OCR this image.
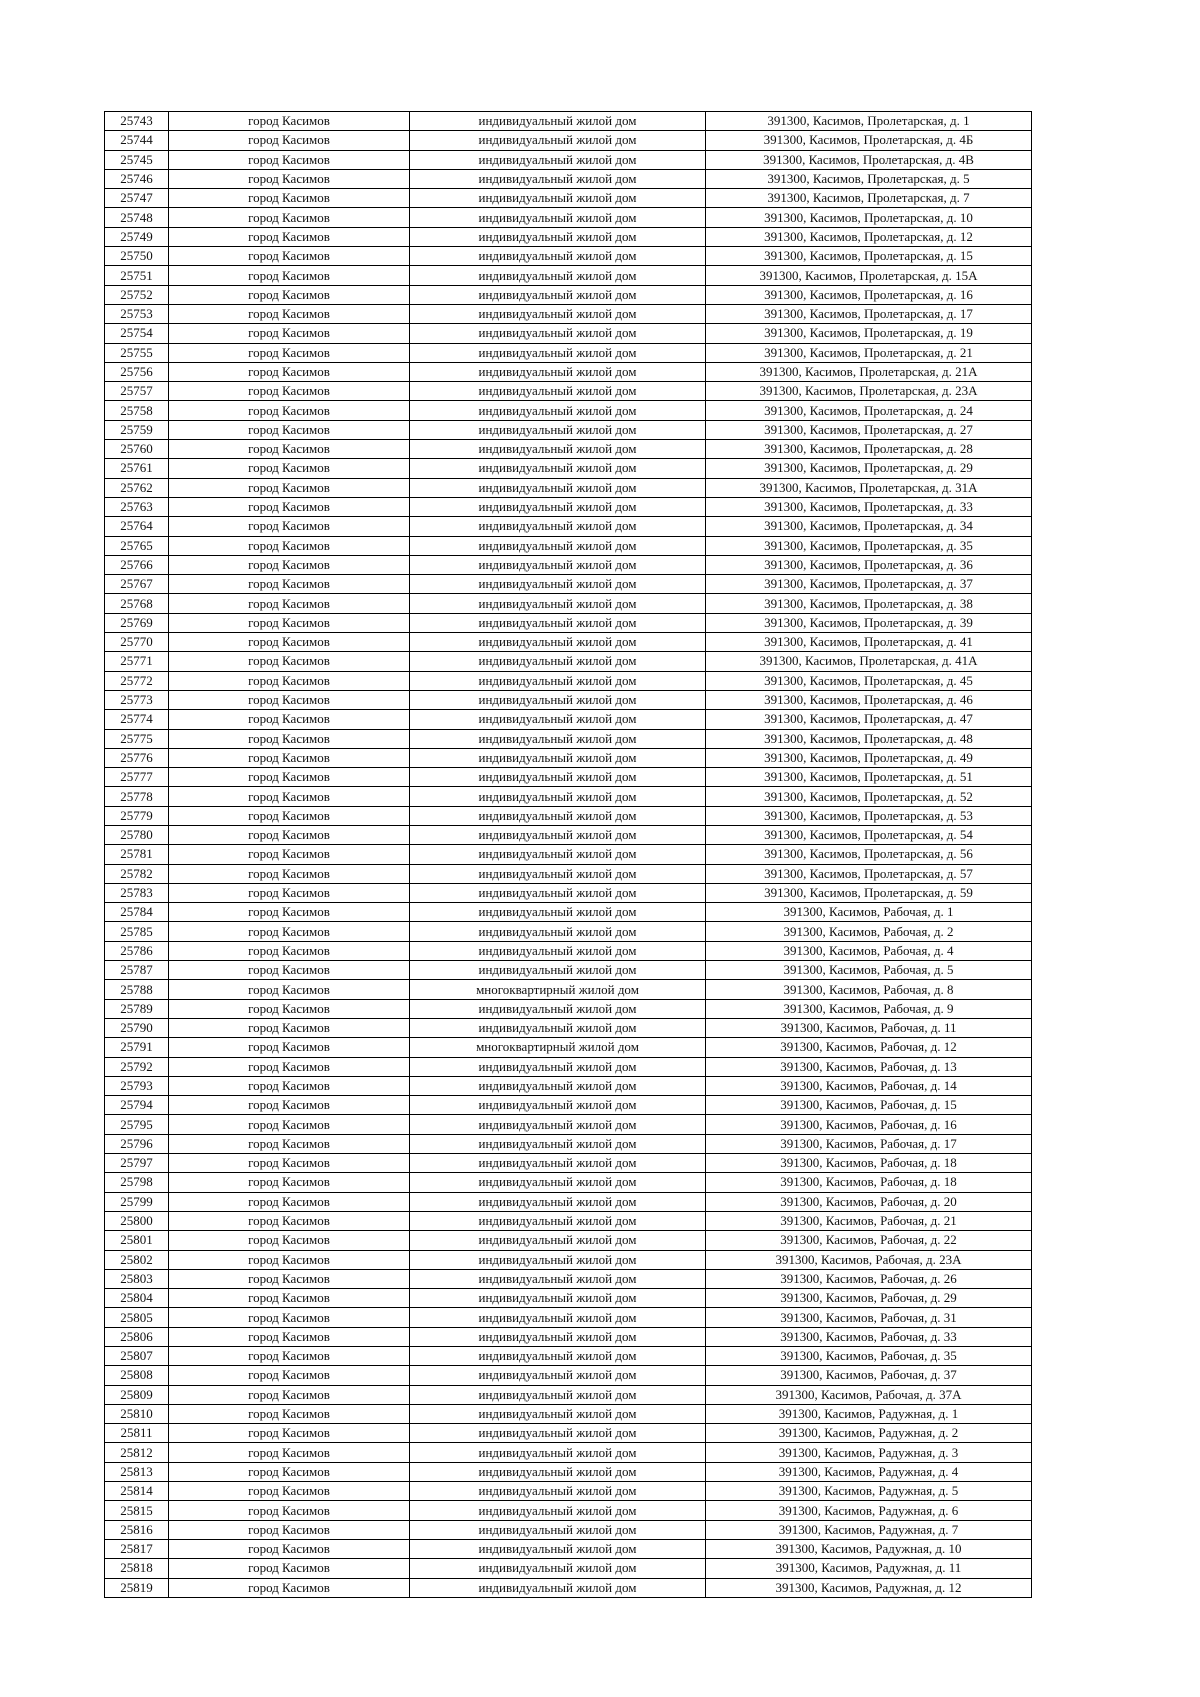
25743	город Касимов	индивидуальный жилой дом	391300, Касимов, Пролетарская, д. 1
25744	город Касимов	индивидуальный жилой дом	391300, Касимов, Пролетарская, д. 4Б
25745	город Касимов	индивидуальный жилой дом	391300, Касимов, Пролетарская, д. 4В
25746	город Касимов	индивидуальный жилой дом	391300, Касимов, Пролетарская, д. 5
25747	город Касимов	индивидуальный жилой дом	391300, Касимов, Пролетарская, д. 7
25748	город Касимов	индивидуальный жилой дом	391300, Касимов, Пролетарская, д. 10
25749	город Касимов	индивидуальный жилой дом	391300, Касимов, Пролетарская, д. 12
25750	город Касимов	индивидуальный жилой дом	391300, Касимов, Пролетарская, д. 15
25751	город Касимов	индивидуальный жилой дом	391300, Касимов, Пролетарская, д. 15А
25752	город Касимов	индивидуальный жилой дом	391300, Касимов, Пролетарская, д. 16
25753	город Касимов	индивидуальный жилой дом	391300, Касимов, Пролетарская, д. 17
25754	город Касимов	индивидуальный жилой дом	391300, Касимов, Пролетарская, д. 19
25755	город Касимов	индивидуальный жилой дом	391300, Касимов, Пролетарская, д. 21
25756	город Касимов	индивидуальный жилой дом	391300, Касимов, Пролетарская, д. 21А
25757	город Касимов	индивидуальный жилой дом	391300, Касимов, Пролетарская, д. 23А
25758	город Касимов	индивидуальный жилой дом	391300, Касимов, Пролетарская, д. 24
25759	город Касимов	индивидуальный жилой дом	391300, Касимов, Пролетарская, д. 27
25760	город Касимов	индивидуальный жилой дом	391300, Касимов, Пролетарская, д. 28
25761	город Касимов	индивидуальный жилой дом	391300, Касимов, Пролетарская, д. 29
25762	город Касимов	индивидуальный жилой дом	391300, Касимов, Пролетарская, д. 31А
25763	город Касимов	индивидуальный жилой дом	391300, Касимов, Пролетарская, д. 33
25764	город Касимов	индивидуальный жилой дом	391300, Касимов, Пролетарская, д. 34
25765	город Касимов	индивидуальный жилой дом	391300, Касимов, Пролетарская, д. 35
25766	город Касимов	индивидуальный жилой дом	391300, Касимов, Пролетарская, д. 36
25767	город Касимов	индивидуальный жилой дом	391300, Касимов, Пролетарская, д. 37
25768	город Касимов	индивидуальный жилой дом	391300, Касимов, Пролетарская, д. 38
25769	город Касимов	индивидуальный жилой дом	391300, Касимов, Пролетарская, д. 39
25770	город Касимов	индивидуальный жилой дом	391300, Касимов, Пролетарская, д. 41
25771	город Касимов	индивидуальный жилой дом	391300, Касимов, Пролетарская, д. 41А
25772	город Касимов	индивидуальный жилой дом	391300, Касимов, Пролетарская, д. 45
25773	город Касимов	индивидуальный жилой дом	391300, Касимов, Пролетарская, д. 46
25774	город Касимов	индивидуальный жилой дом	391300, Касимов, Пролетарская, д. 47
25775	город Касимов	индивидуальный жилой дом	391300, Касимов, Пролетарская, д. 48
25776	город Касимов	индивидуальный жилой дом	391300, Касимов, Пролетарская, д. 49
25777	город Касимов	индивидуальный жилой дом	391300, Касимов, Пролетарская, д. 51
25778	город Касимов	индивидуальный жилой дом	391300, Касимов, Пролетарская, д. 52
25779	город Касимов	индивидуальный жилой дом	391300, Касимов, Пролетарская, д. 53
25780	город Касимов	индивидуальный жилой дом	391300, Касимов, Пролетарская, д. 54
25781	город Касимов	индивидуальный жилой дом	391300, Касимов, Пролетарская, д. 56
25782	город Касимов	индивидуальный жилой дом	391300, Касимов, Пролетарская, д. 57
25783	город Касимов	индивидуальный жилой дом	391300, Касимов, Пролетарская, д. 59
25784	город Касимов	индивидуальный жилой дом	391300, Касимов, Рабочая, д. 1
25785	город Касимов	индивидуальный жилой дом	391300, Касимов, Рабочая, д. 2
25786	город Касимов	индивидуальный жилой дом	391300, Касимов, Рабочая, д. 4
25787	город Касимов	индивидуальный жилой дом	391300, Касимов, Рабочая, д. 5
25788	город Касимов	многоквартирный жилой дом	391300, Касимов, Рабочая, д. 8
25789	город Касимов	индивидуальный жилой дом	391300, Касимов, Рабочая, д. 9
25790	город Касимов	индивидуальный жилой дом	391300, Касимов, Рабочая, д. 11
25791	город Касимов	многоквартирный жилой дом	391300, Касимов, Рабочая, д. 12
25792	город Касимов	индивидуальный жилой дом	391300, Касимов, Рабочая, д. 13
25793	город Касимов	индивидуальный жилой дом	391300, Касимов, Рабочая, д. 14
25794	город Касимов	индивидуальный жилой дом	391300, Касимов, Рабочая, д. 15
25795	город Касимов	индивидуальный жилой дом	391300, Касимов, Рабочая, д. 16
25796	город Касимов	индивидуальный жилой дом	391300, Касимов, Рабочая, д. 17
25797	город Касимов	индивидуальный жилой дом	391300, Касимов, Рабочая, д. 18
25798	город Касимов	индивидуальный жилой дом	391300, Касимов, Рабочая, д. 18
25799	город Касимов	индивидуальный жилой дом	391300, Касимов, Рабочая, д. 20
25800	город Касимов	индивидуальный жилой дом	391300, Касимов, Рабочая, д. 21
25801	город Касимов	индивидуальный жилой дом	391300, Касимов, Рабочая, д. 22
25802	город Касимов	индивидуальный жилой дом	391300, Касимов, Рабочая, д. 23А
25803	город Касимов	индивидуальный жилой дом	391300, Касимов, Рабочая, д. 26
25804	город Касимов	индивидуальный жилой дом	391300, Касимов, Рабочая, д. 29
25805	город Касимов	индивидуальный жилой дом	391300, Касимов, Рабочая, д. 31
25806	город Касимов	индивидуальный жилой дом	391300, Касимов, Рабочая, д. 33
25807	город Касимов	индивидуальный жилой дом	391300, Касимов, Рабочая, д. 35
25808	город Касимов	индивидуальный жилой дом	391300, Касимов, Рабочая, д. 37
25809	город Касимов	индивидуальный жилой дом	391300, Касимов, Рабочая, д. 37А
25810	город Касимов	индивидуальный жилой дом	391300, Касимов, Радужная, д. 1
25811	город Касимов	индивидуальный жилой дом	391300, Касимов, Радужная, д. 2
25812	город Касимов	индивидуальный жилой дом	391300, Касимов, Радужная, д. 3
25813	город Касимов	индивидуальный жилой дом	391300, Касимов, Радужная, д. 4
25814	город Касимов	индивидуальный жилой дом	391300, Касимов, Радужная, д. 5
25815	город Касимов	индивидуальный жилой дом	391300, Касимов, Радужная, д. 6
25816	город Касимов	индивидуальный жилой дом	391300, Касимов, Радужная, д. 7
25817	город Касимов	индивидуальный жилой дом	391300, Касимов, Радужная, д. 10
25818	город Касимов	индивидуальный жилой дом	391300, Касимов, Радужная, д. 11
25819	город Касимов	индивидуальный жилой дом	391300, Касимов, Радужная, д. 12
